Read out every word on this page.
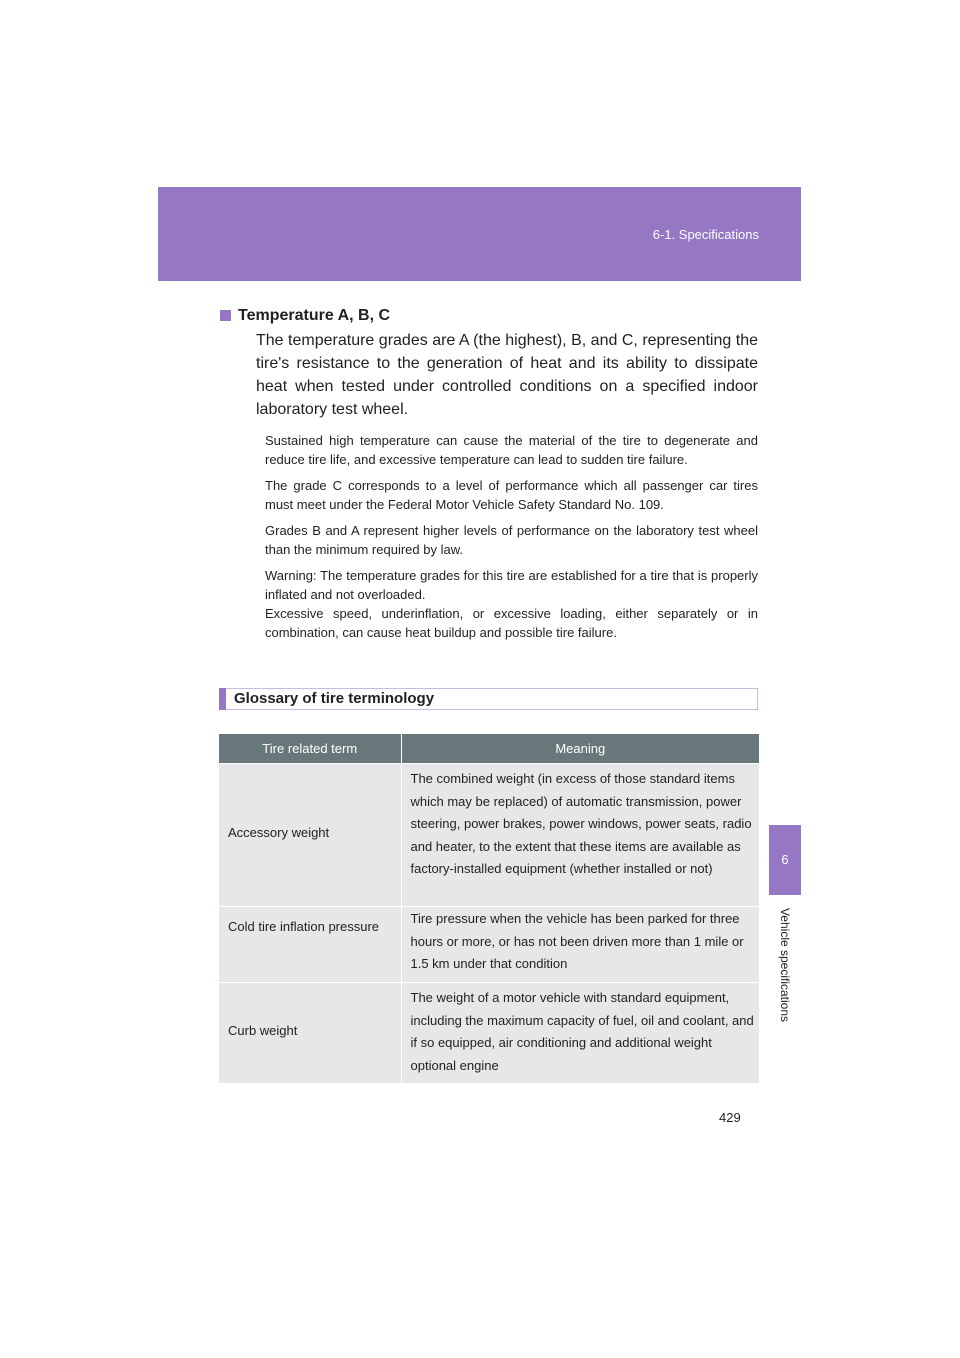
6-1. Specifications
6
Vehicle specifications
Temperature A, B, C

The temperature grades are A (the highest), B, and C, representing the tire's resistance to the generation of heat and its ability to dissipate heat when tested under controlled conditions on a specified indoor laboratory test wheel.

Sustained high temperature can cause the material of the tire to degenerate and reduce tire life, and excessive temperature can lead to sudden tire failure.

The grade C corresponds to a level of performance which all passenger car tires must meet under the Federal Motor Vehicle Safety Standard No. 109.

Grades B and A represent higher levels of performance on the laboratory test wheel than the minimum required by law.

Warning: The temperature grades for this tire are established for a tire that is properly inflated and not overloaded.

Excessive speed, underinflation, or excessive loading, either separately or in combination, can cause heat buildup and possible tire failure.

Glossary of tire terminology
Tire related term	Meaning
Accessory weight	The combined weight (in excess of those standard items which may be replaced) of automatic transmission, power steering, power brakes, power windows, power seats, radio and heater, to the extent that these items are available as factory-installed equipment (whether installed or not)
Cold tire inflation pressure	Tire pressure when the vehicle has been parked for three hours or more, or has not been driven more than 1 mile or 1.5 km under that condition
Curb weight	The weight of a motor vehicle with standard equipment, including the maximum capacity of fuel, oil and coolant, and if so equipped, air conditioning and additional weight optional engine
429
